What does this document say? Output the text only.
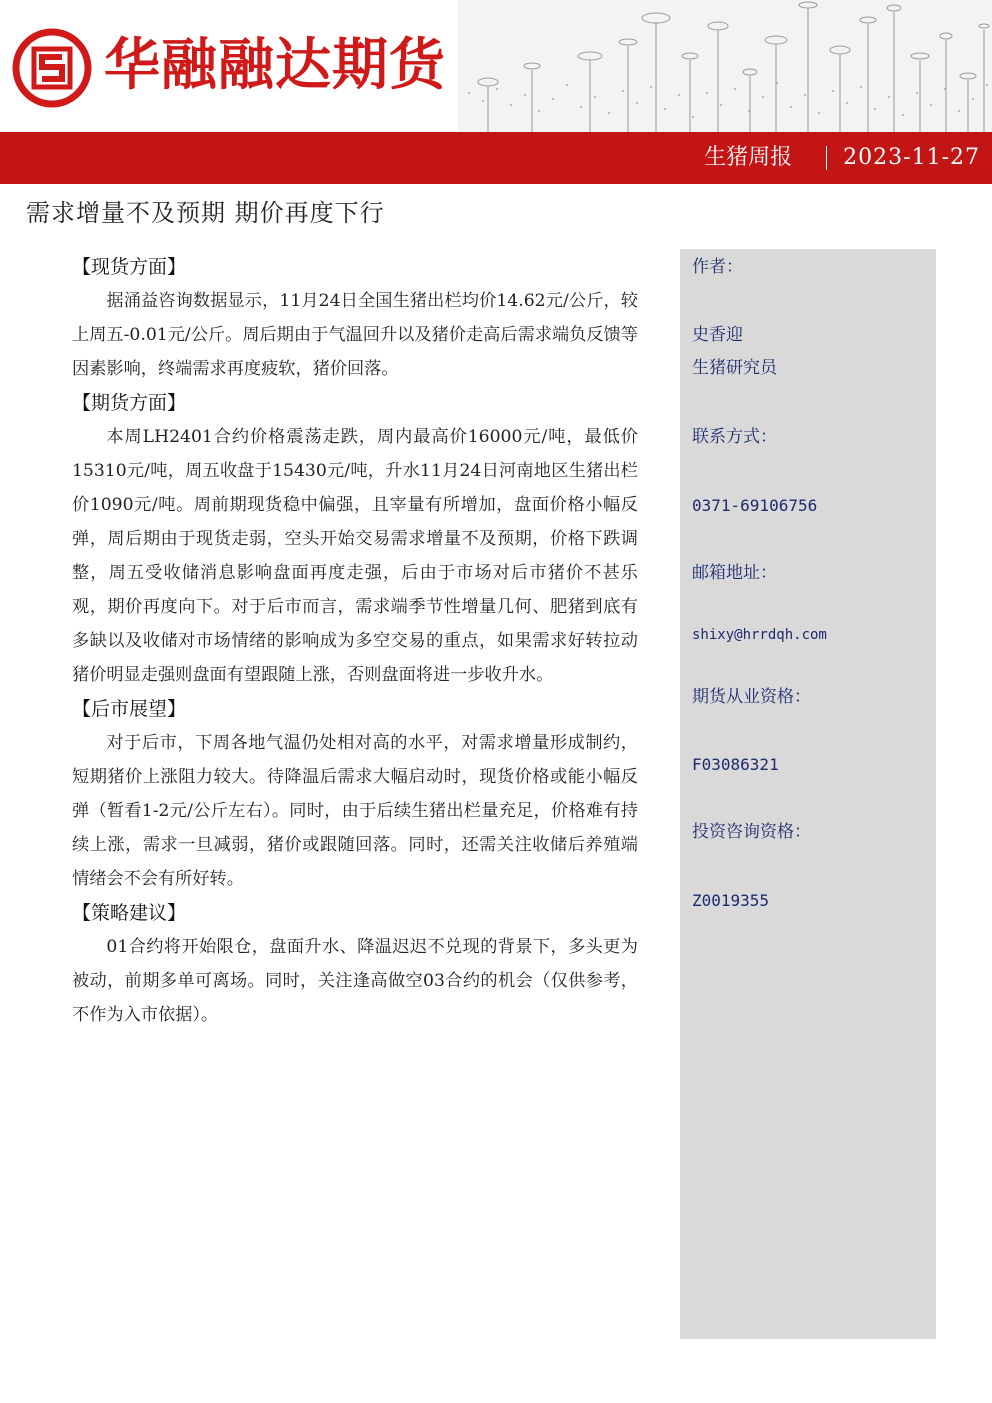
华融融达期货
生猪周报 2023-11-27
需求增量不及预期 期价再度下行
【现货方面】

据涌益咨询数据显示，11月24日全国生猪出栏均价14.62元/公斤，较上周五-0.01元/公斤。周后期由于气温回升以及猪价走高后需求端负反馈等因素影响，终端需求再度疲软，猪价回落。

【期货方面】

本周LH2401合约价格震荡走跌，周内最高价16000元/吨，最低价15310元/吨，周五收盘于15430元/吨，升水11月24日河南地区生猪出栏价1090元/吨。周前期现货稳中偏强，且宰量有所增加，盘面价格小幅反弹，周后期由于现货走弱，空头开始交易需求增量不及预期，价格下跌调整，周五受收储消息影响盘面再度走强，后由于市场对后市猪价不甚乐观，期价再度向下。对于后市而言，需求端季节性增量几何、肥猪到底有多缺以及收储对市场情绪的影响成为多空交易的重点，如果需求好转拉动猪价明显走强则盘面有望跟随上涨，否则盘面将进一步收升水。

【后市展望】

对于后市，下周各地气温仍处相对高的水平，对需求增量形成制约，短期猪价上涨阻力较大。待降温后需求大幅启动时，现货价格或能小幅反弹（暂看1-2元/公斤左右）。同时，由于后续生猪出栏量充足，价格难有持续上涨，需求一旦减弱，猪价或跟随回落。同时，还需关注收储后养殖端情绪会不会有所好转。

【策略建议】

01合约将开始限仓，盘面升水、降温迟迟不兑现的背景下，多头更为被动，前期多单可离场。同时，关注逢高做空03合约的机会（仅供参考，不作为入市依据）。

作者：
史香迎
生猪研究员
联系方式：
0371-69106756
邮箱地址：
shixy@hrrdqh.com
期货从业资格：
F03086321
投资咨询资格：
Z0019355
